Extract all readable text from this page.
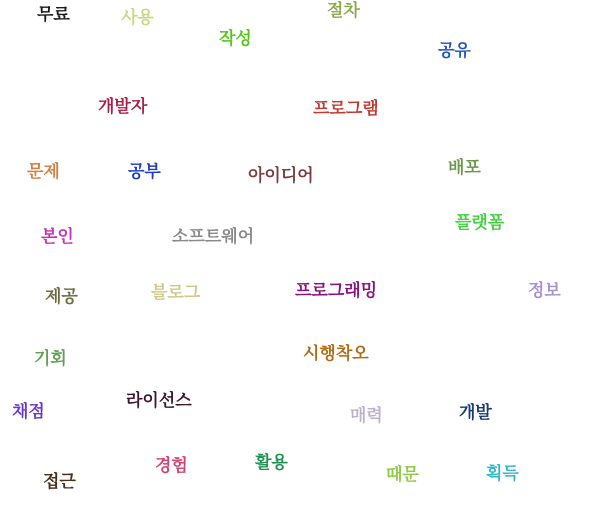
무료	사용	절차
작성
공유
개발자	프로그램
문제	공부	아이디어	배포
본인	소프트웨어
플랫폼
제공	블로그	프로그래밍	정보
기회	시행착오
라이선스
채점	매력	개발
접근
경험	활용
때문	획득
